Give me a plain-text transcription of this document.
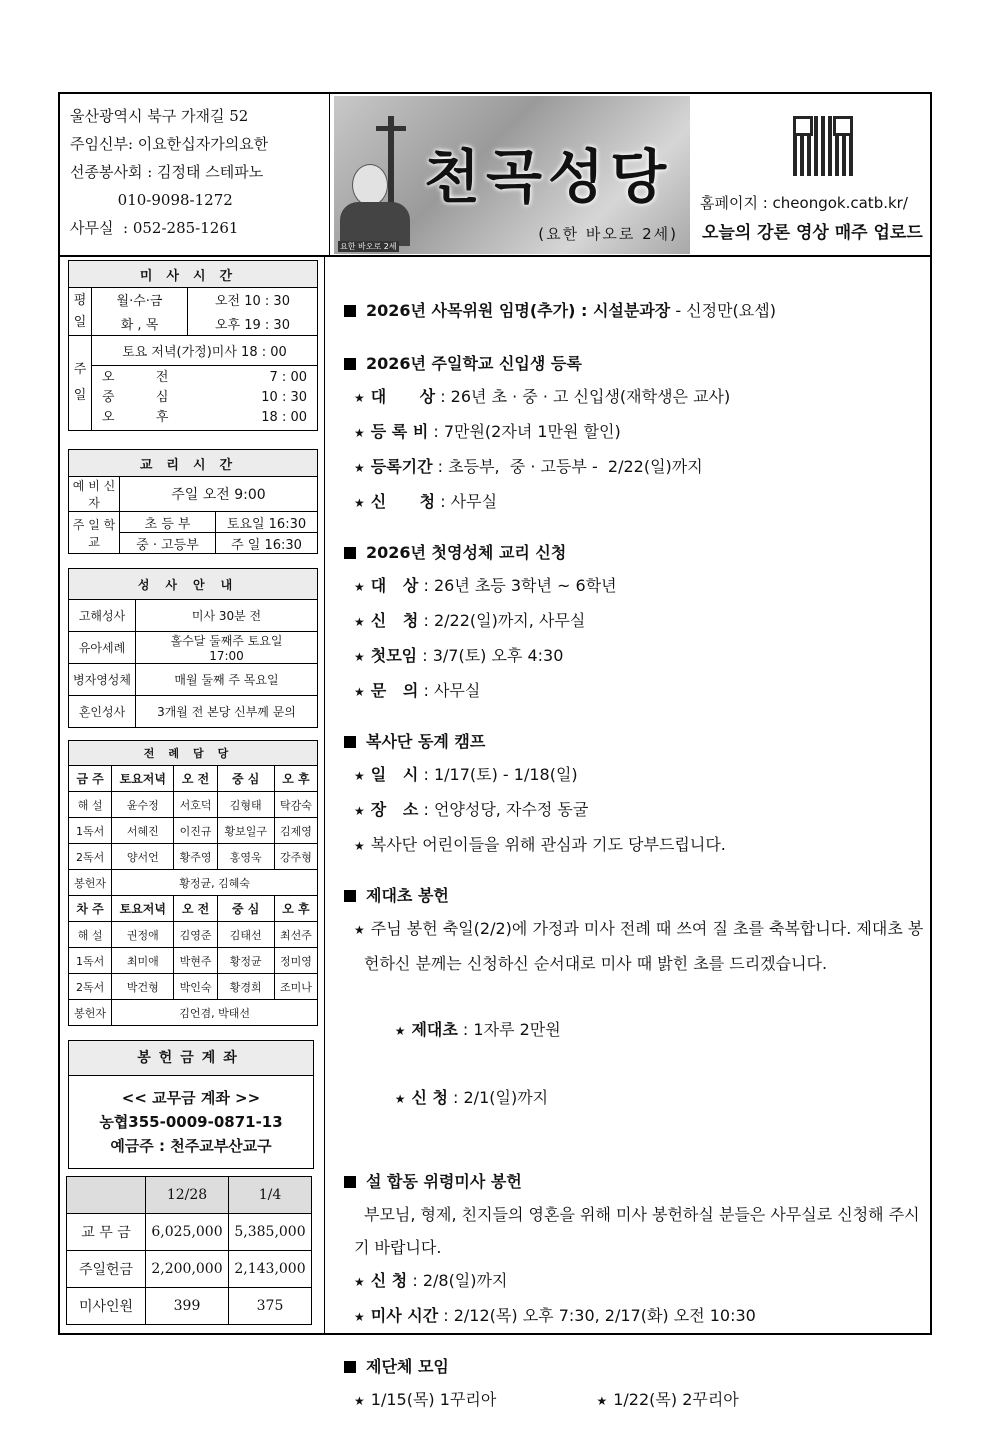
울산광역시 북구 가재길 52
주임신부: 이요한십자가의요한
선종봉사회 : 김정태 스테파노
010-9098-1272
사무실  : 052-285-1261
요한 바오로 2세
천곡성당
(요한 바오로 2세)
홈페이지 : cheongok.catb.kr/
오늘의 강론 영상 매주 업로드
미사시간		
평
일	월·수·금	오전 10 : 30
	화 , 목	오후 19 : 30
주
일	토요 저녁(가정)미사 18 : 00	

오          전	7 : 00
중          심	10 : 30
오          후	18 : 00
교리시간		
예 비 신 자	주일 오전 9:00	
주 일 학 교	초 등 부	토요일 16:30
	중 · 고등부	주 일 16:30
성사안내	
고해성사	미사 30분 전
유아세례	홀수달 둘째주 토요일 17:00
병자영성체	매월 둘째 주 목요일
혼인성사	3개월 전 본당 신부께 문의
전례담당				
금 주	토요저녁	오 전	중 심	오 후
해 설	윤수정	서호덕	김형태	탁감숙
1독서	서혜진	이진규	황보일구	김제영
2독서	양서언	황주영	홍영욱	강주형
봉헌자	황정균, 김혜숙			
차 주	토요저녁	오 전	중 심	오 후
해 설	권정애	김영준	김태선	최선주
1독서	최미애	박현주	황정균	정미영
2독서	박건형	박인숙	황경희	조미나
봉헌자	김언겸, 박태선			
봉헌금계좌
<< 교무금 계좌 >>
농협355-0009-0871-13
예금주 : 천주교부산교구
	12/28	1/4
교 무 금	6,025,000	5,385,000
주일헌금	2,200,000	2,143,000
미사인원	399	375
2026년 사목위원 임명(추가) : 시설분과장 - 신정만(요셉)
2026년 주일학교 신입생 등록
★ 대      상 : 26년 초 · 중 · 고 신입생(재학생은 교사)
★ 등 록 비 : 7만원(2자녀 1만원 할인)
★ 등록기간 : 초등부,  중 · 고등부 -  2/22(일)까지
★ 신      청 : 사무실
2026년 첫영성체 교리 신청
★ 대   상 : 26년 초등 3학년 ~ 6학년
★ 신   청 : 2/22(일)까지, 사무실
★ 첫모임 : 3/7(토) 오후 4:30
★ 문   의 : 사무실
복사단 동계 캠프
★ 일   시 : 1/17(토) - 1/18(일)
★ 장   소 : 언양성당, 자수정 동굴
★ 복사단 어린이들을 위해 관심과 기도 당부드립니다.
제대초 봉헌
★ 주님 봉헌 축일(2/2)에 가정과 미사 전례 때 쓰여 질 초를 축복합니다. 제대초 봉헌하신 분께는 신청하신 순서대로 미사 때 밝힌 초를 드리겠습니다.

★ 제대초 : 1자루 2만원

★ 신 청 : 2/1(일)까지

설 합동 위령미사 봉헌
부모님, 형제, 친지들의 영혼을 위해 미사 봉헌하실 분들은 사무실로 신청해 주시기 바랍니다.
★ 신 청 : 2/8(일)까지
★ 미사 시간 : 2/12(목) 오후 7:30, 2/17(화) 오전 10:30
제단체 모임
★ 1/15(목) 1꾸리아	★ 1/22(목) 2꾸리아
